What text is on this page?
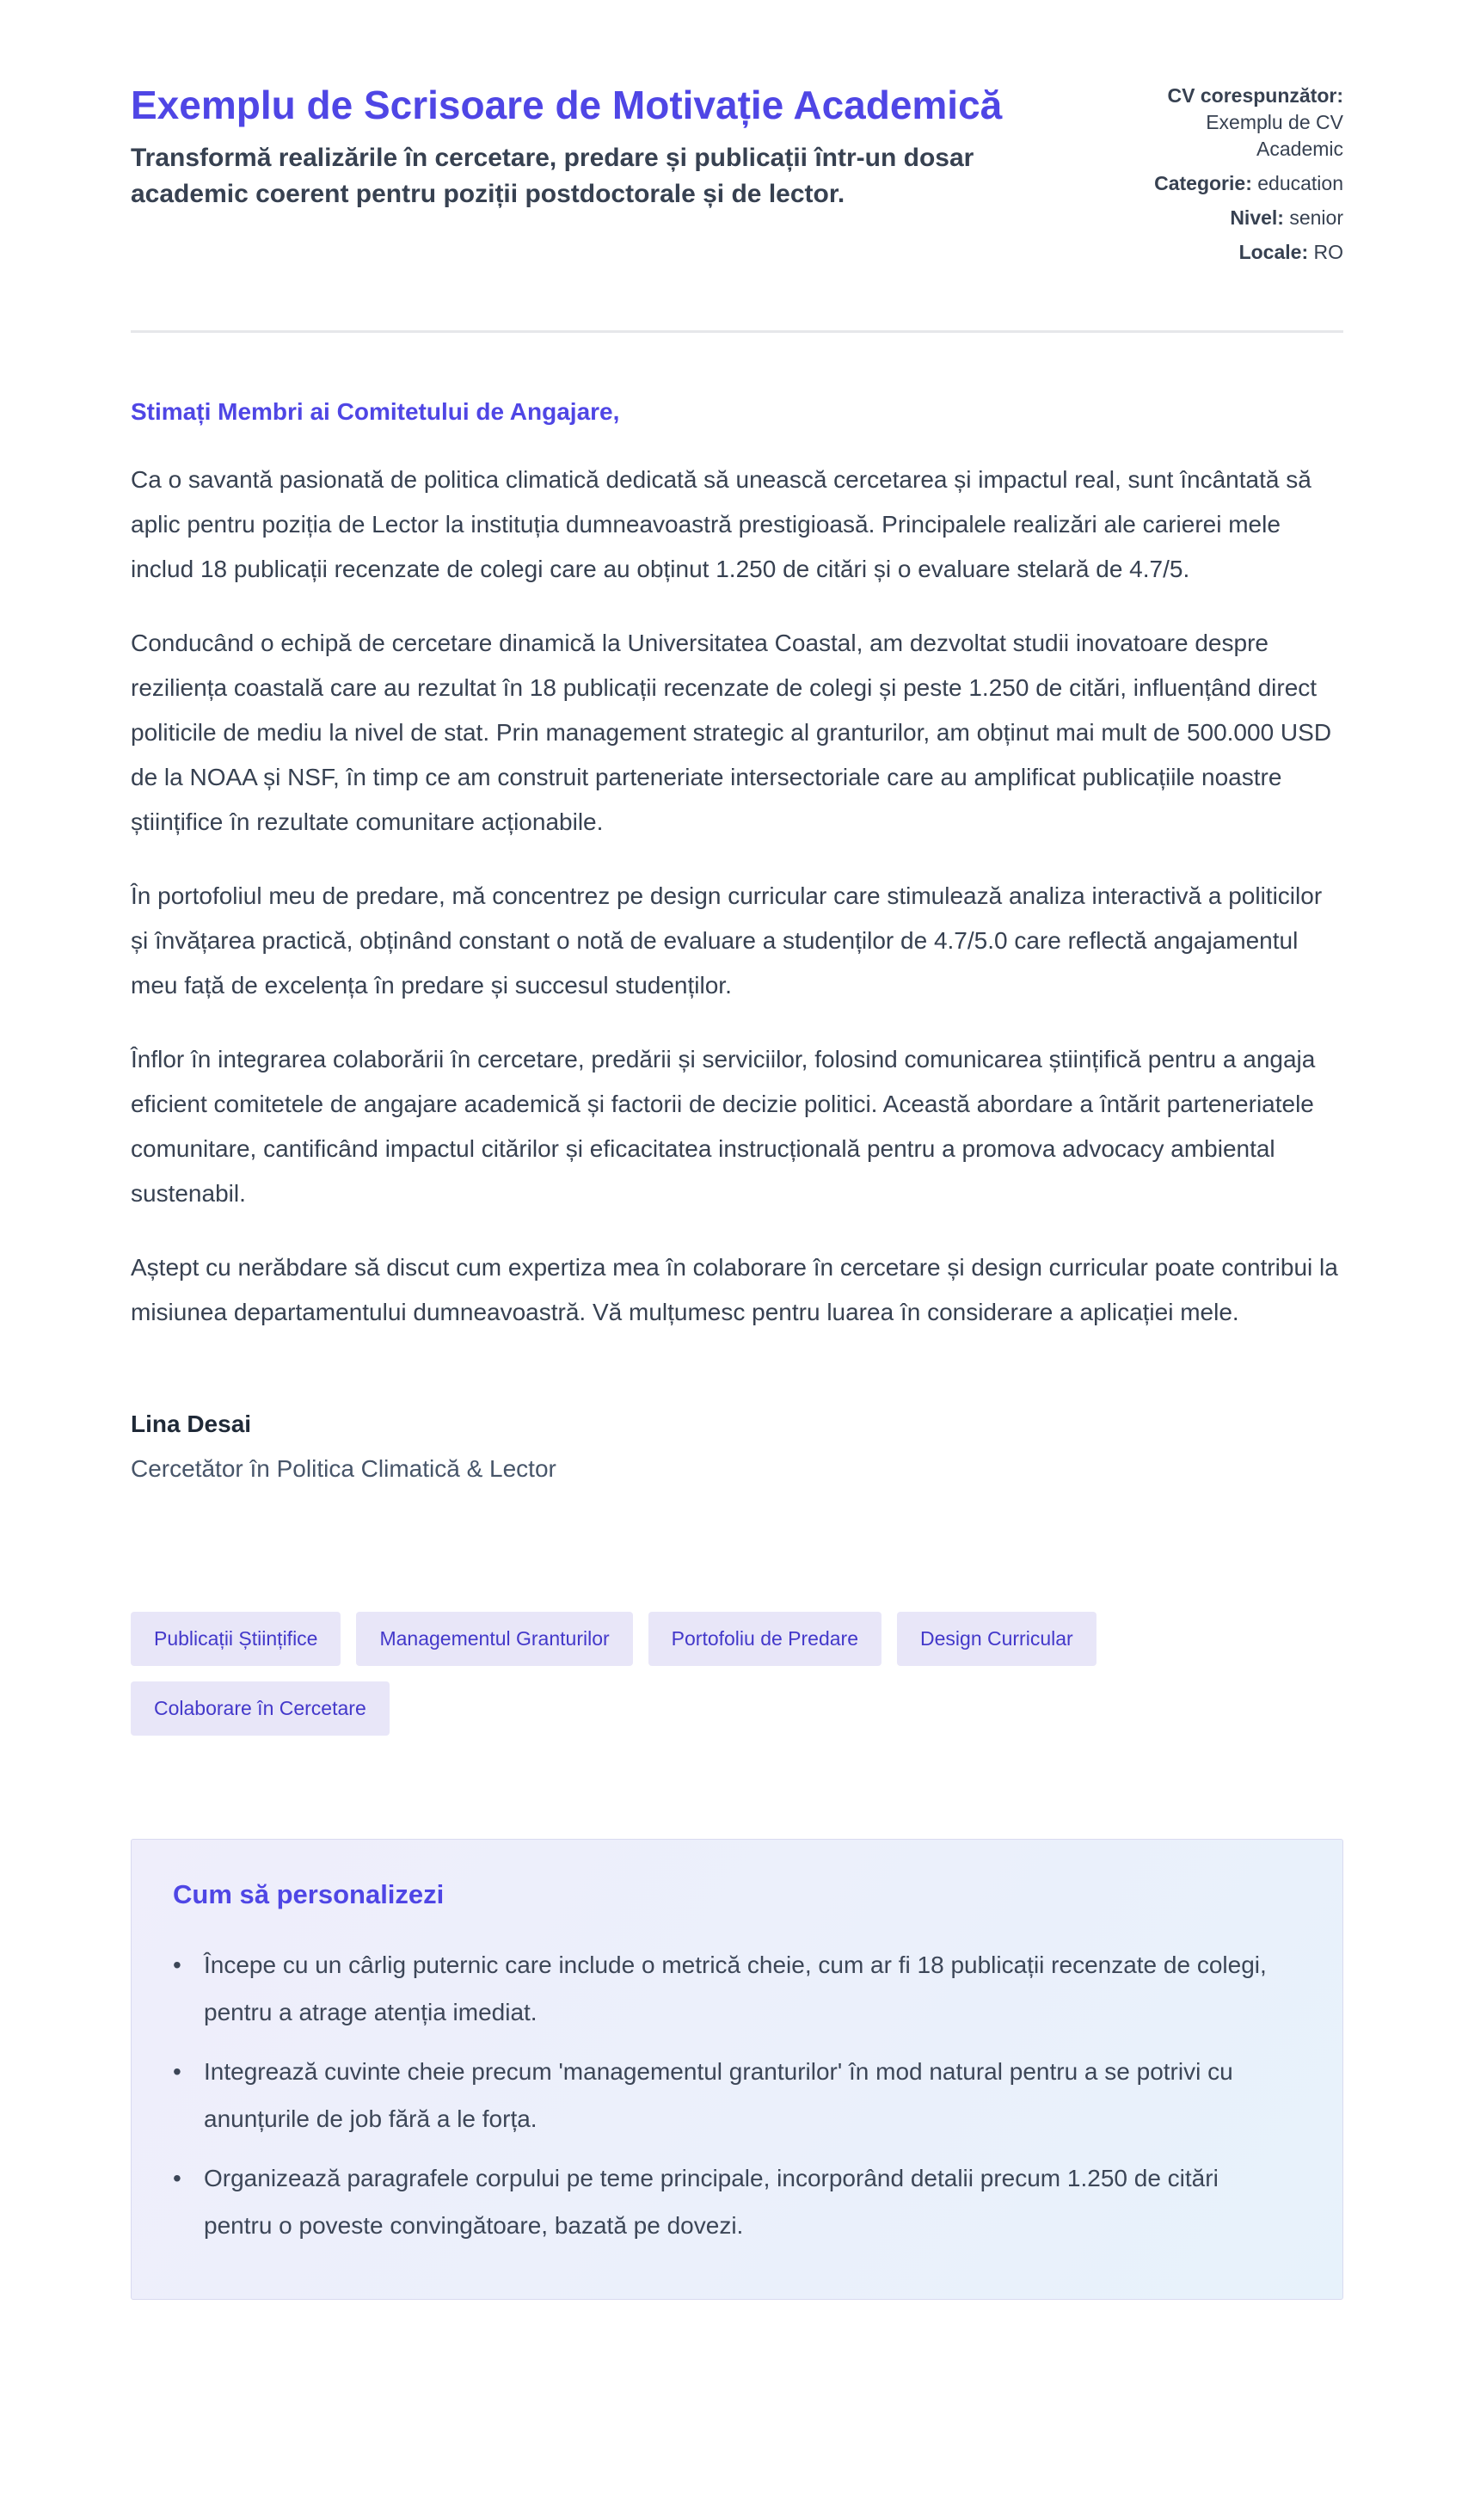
Exemplu de Scrisoare de Motivație Academică

Transformă realizările în cercetare, predare și publicații într-un dosar academic coerent pentru poziții postdoctorale și de lector.

CV corespunzător: Exemplu de CV Academic
Categorie: education
Nivel: senior
Locale: RO

Stimați Membri ai Comitetului de Angajare,

Ca o savantă pasionată de politica climatică dedicată să unească cercetarea și impactul real, sunt încântată să aplic pentru poziția de Lector la instituția dumneavoastră prestigioasă. Principalele realizări ale carierei mele includ 18 publicații recenzate de colegi care au obținut 1.250 de citări și o evaluare stelară de 4.7/5.

Conducând o echipă de cercetare dinamică la Universitatea Coastal, am dezvoltat studii inovatoare despre reziliența coastală care au rezultat în 18 publicații recenzate de colegi și peste 1.250 de citări, influențând direct politicile de mediu la nivel de stat. Prin management strategic al granturilor, am obținut mai mult de 500.000 USD de la NOAA și NSF, în timp ce am construit parteneriate intersectoriale care au amplificat publicațiile noastre științifice în rezultate comunitare acționabile.

În portofoliul meu de predare, mă concentrez pe design curricular care stimulează analiza interactivă a politicilor și învățarea practică, obținând constant o notă de evaluare a studenților de 4.7/5.0 care reflectă angajamentul meu față de excelența în predare și succesul studenților.

Înflor în integrarea colaborării în cercetare, predării și serviciilor, folosind comunicarea științifică pentru a angaja eficient comitetele de angajare academică și factorii de decizie politici. Această abordare a întărit parteneriatele comunitare, cantificând impactul citărilor și eficacitatea instrucțională pentru a promova advocacy ambiental sustenabil.

Aștept cu nerăbdare să discut cum expertiza mea în colaborare în cercetare și design curricular poate contribui la misiunea departamentului dumneavoastră. Vă mulțumesc pentru luarea în considerare a aplicației mele.

Lina Desai

Cercetător în Politica Climatică & Lector

Publicații Științifice	Managementul Granturilor	Portofoliu de Predare	Design Curricular
Colaborare în Cercetare
Cum să personalizezi
• Începe cu un cârlig puternic care include o metrică cheie, cum ar fi 18 publicații recenzate de colegi, pentru a atrage atenția imediat.
• Integrează cuvinte cheie precum 'managementul granturilor' în mod natural pentru a se potrivi cu anunțurile de job fără a le forța.
• Organizează paragrafele corpului pe teme principale, incorporând detalii precum 1.250 de citări pentru o poveste convingătoare, bazată pe dovezi.
